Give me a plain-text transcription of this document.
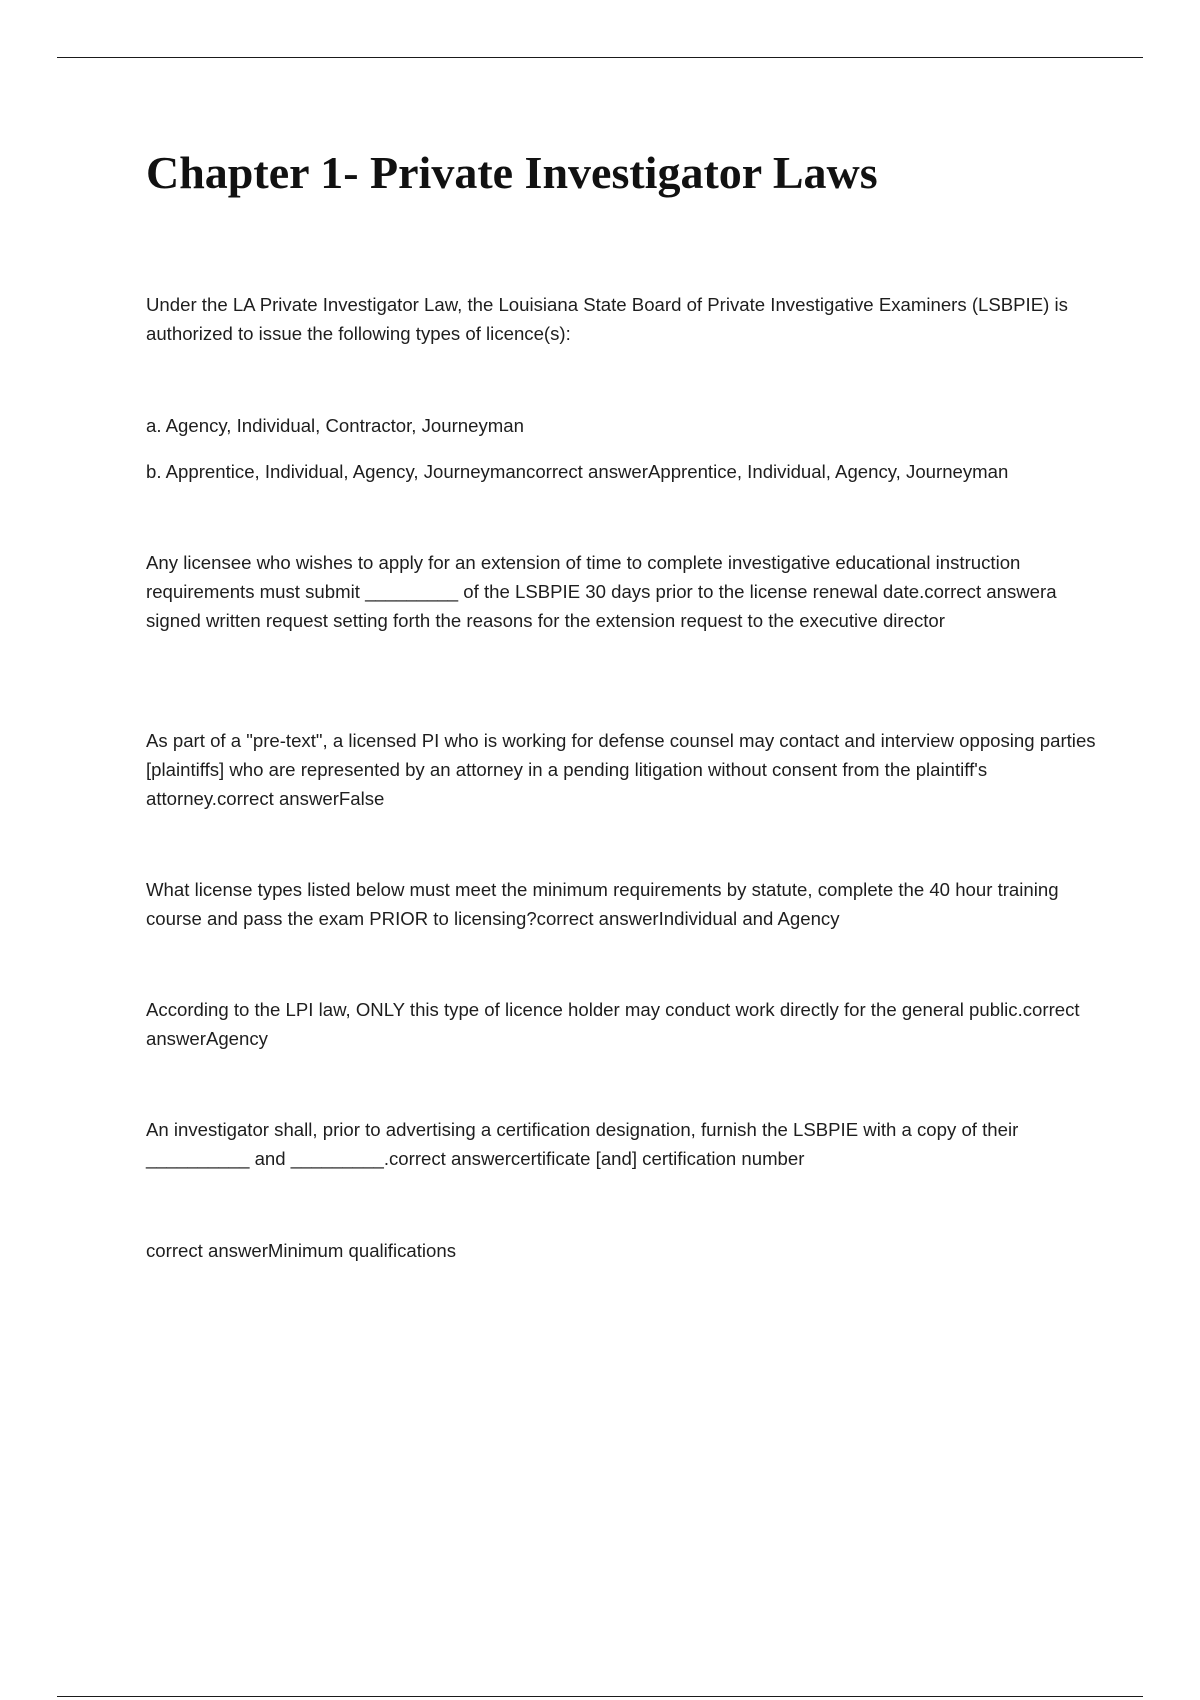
Chapter 1- Private Investigator Laws

Under the LA Private Investigator Law, the Louisiana State Board of Private Investigative Examiners (LSBPIE) is authorized to issue the following types of licence(s):

a. Agency, Individual, Contractor, Journeyman

b. Apprentice, Individual, Agency, Journeymancorrect answerApprentice, Individual, Agency, Journeyman

Any licensee who wishes to apply for an extension of time to complete investigative educational instruction requirements must submit _________ of the LSBPIE 30 days prior to the license renewal date.correct answera signed written request setting forth the reasons for the extension request to the executive director

As part of a "pre-text", a licensed PI who is working for defense counsel may contact and interview opposing parties [plaintiffs] who are represented by an attorney in a pending litigation without consent from the plaintiff's attorney.correct answerFalse

What license types listed below must meet the minimum requirements by statute, complete the 40 hour training course and pass the exam PRIOR to licensing?correct answerIndividual and Agency

According to the LPI law, ONLY this type of licence holder may conduct work directly for the general public.correct answerAgency

An investigator shall, prior to advertising a certification designation, furnish the LSBPIE with a copy of their __________ and _________.correct answercertificate [and] certification number

correct answerMinimum qualifications
